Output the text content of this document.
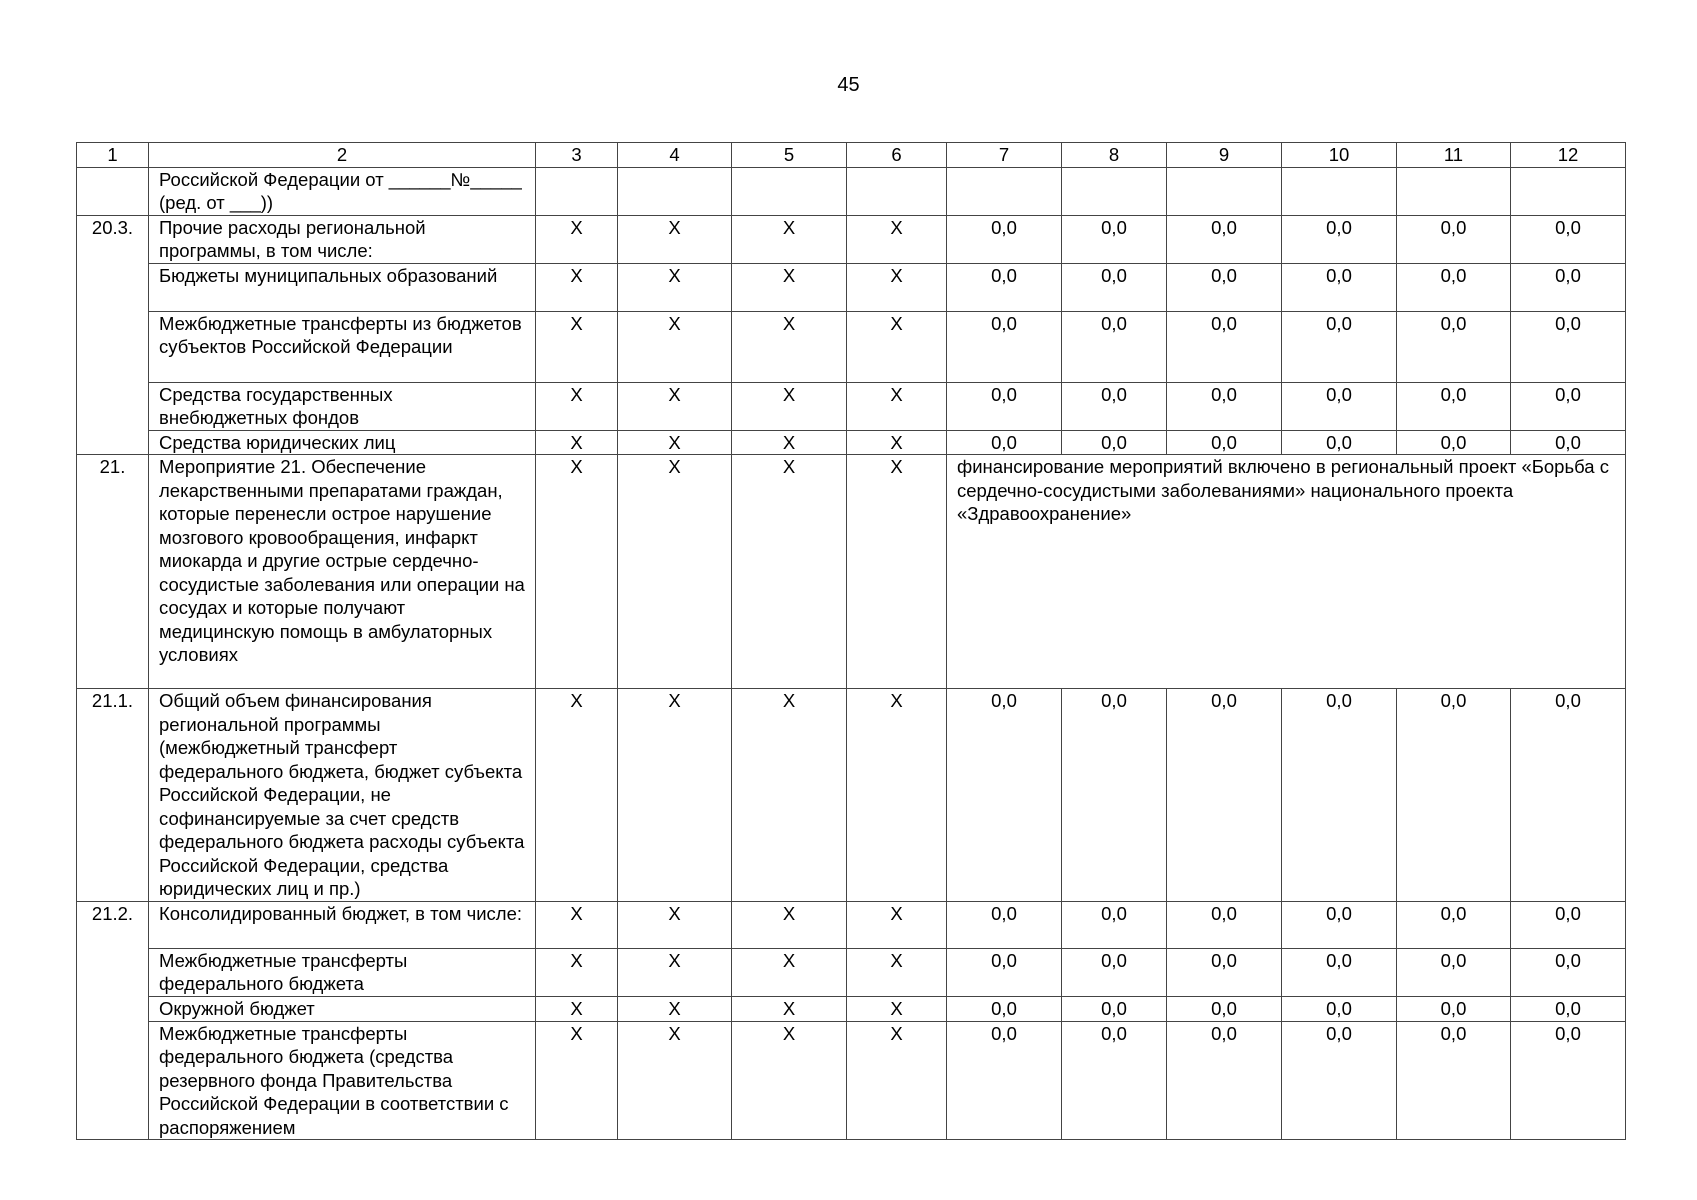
45
1	2	3	4	5	6	7	8	9	10	11	12
	Российской Федерации от ______№_____ (ред. от ___))										
20.3.	Прочие расходы региональной программы, в том числе:	Х	Х	Х	Х	0,0	0,0	0,0	0,0	0,0	0,0
	Бюджеты муниципальных образований	Х	Х	Х	Х	0,0	0,0	0,0	0,0	0,0	0,0
	Межбюджетные трансферты из бюджетов субъектов Российской Федерации	Х	Х	Х	Х	0,0	0,0	0,0	0,0	0,0	0,0
	Средства государственных внебюджетных фондов	Х	Х	Х	Х	0,0	0,0	0,0	0,0	0,0	0,0
	Средства юридических лиц	Х	Х	Х	Х	0,0	0,0	0,0	0,0	0,0	0,0
21.	Мероприятие 21. Обеспечение лекарственными препаратами граждан, которые перенесли острое нарушение мозгового кровообращения, инфаркт миокарда и другие острые сердечно-сосудистые заболевания или операции на сосудах и которые получают медицинскую помощь в амбулаторных условиях	Х	Х	Х	Х	финансирование мероприятий включено в региональный проект «Борьба с сердечно-сосудистыми заболеваниями» национального проекта «Здравоохранение»					
21.1.	Общий объем финансирования региональной программы (межбюджетный трансферт федерального бюджета, бюджет субъекта Российской Федерации, не софинансируемые за счет средств федерального бюджета расходы субъекта Российской Федерации, средства юридических лиц и пр.)	Х	Х	Х	Х	0,0	0,0	0,0	0,0	0,0	0,0
21.2.	Консолидированный бюджет, в том числе:	Х	Х	Х	Х	0,0	0,0	0,0	0,0	0,0	0,0
	Межбюджетные трансферты федерального бюджета	Х	Х	Х	Х	0,0	0,0	0,0	0,0	0,0	0,0
	Окружной бюджет	Х	Х	Х	Х	0,0	0,0	0,0	0,0	0,0	0,0
	Межбюджетные трансферты федерального бюджета (средства резервного фонда Правительства Российской Федерации в соответствии с распоряжением	Х	Х	Х	Х	0,0	0,0	0,0	0,0	0,0	0,0
